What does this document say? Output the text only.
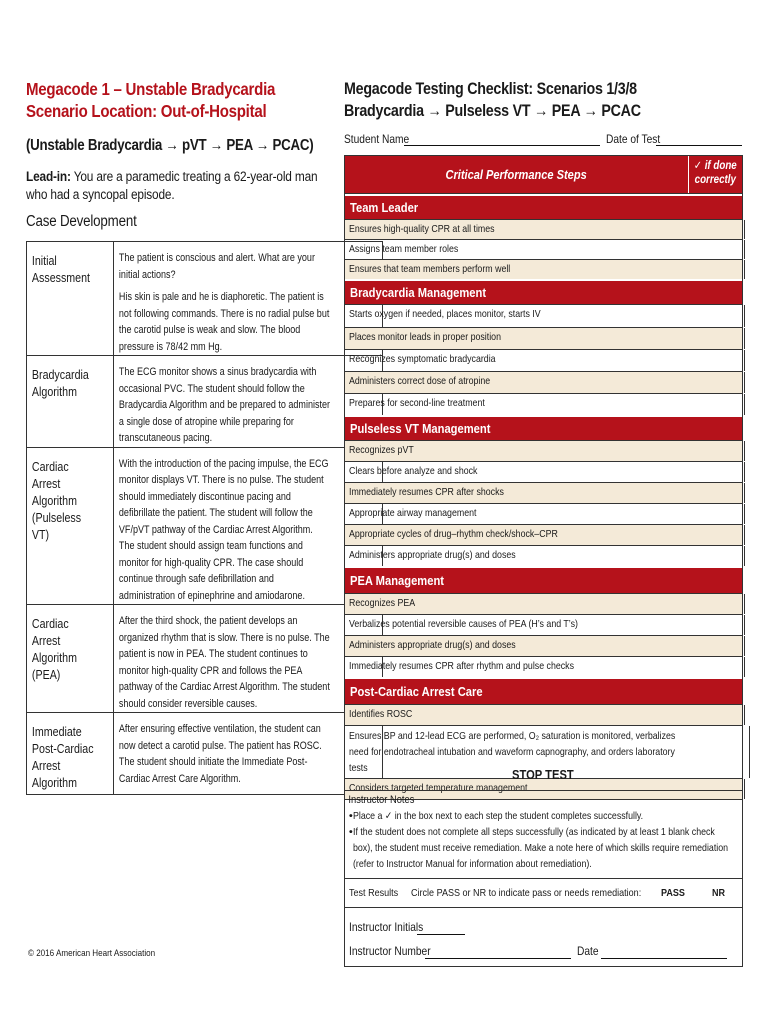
Megacode 1 – Unstable Bradycardia
Scenario Location: Out-of-Hospital
(Unstable Bradycardia → pVT → PEA → PCAC)
Lead-in: You are a paramedic treating a 62-year-old man who had a syncopal episode.
Case Development
Initial Assessment	The patient is conscious and alert. What are your initial actions?
His skin is pale and he is diaphoretic. The patient is not following commands. There is no radial pulse but the carotid pulse is weak and slow. The blood pressure is 78/42 mm Hg.

Bradycardia Algorithm	The ECG monitor shows a sinus bradycardia with occasional PVC. The student should follow the Bradycardia Algorithm and be prepared to administer a single dose of atropine while preparing for transcutaneous pacing.

Cardiac Arrest Algorithm (Pulseless VT)	With the introduction of the pacing impulse, the ECG monitor displays VT. There is no pulse. The student should immediately discontinue pacing and defibrillate the patient. The student will follow the VF/pVT pathway of the Cardiac Arrest Algorithm. The student should assign team functions and monitor for high-quality CPR. The case should continue through safe defibrillation and administration of epinephrine and amiodarone.

Cardiac Arrest Algorithm (PEA)	After the third shock, the patient develops an organized rhythm that is slow. There is no pulse. The patient is now in PEA. The student continues to monitor high-quality CPR and follows the PEA pathway of the Cardiac Arrest Algorithm. The student should consider reversible causes.

Immediate Post-Cardiac Arrest Algorithm	After ensuring effective ventilation, the student can now detect a carotid pulse. The patient has ROSC. The student should initiate the Immediate Post-Cardiac Arrest Care Algorithm.
© 2016 American Heart Association
Megacode Testing Checklist: Scenarios 1/3/8
Bradycardia → Pulseless VT → PEA → PCAC
Student Name	Date of Test
Critical Performance Steps
✓ if done
correctly
Team Leader
Ensures high-quality CPR at all times
Assigns team member roles
Ensures that team members perform well
Bradycardia Management
Starts oxygen if needed, places monitor, starts IV
Places monitor leads in proper position
Recognizes symptomatic bradycardia
Administers correct dose of atropine
Prepares for second-line treatment
Pulseless VT Management
Recognizes pVT
Clears before analyze and shock
Immediately resumes CPR after shocks
Appropriate airway management
Appropriate cycles of drug–rhythm check/shock–CPR
Administers appropriate drug(s) and doses
PEA Management
Recognizes PEA
Verbalizes potential reversible causes of PEA (H’s and T’s)
Administers appropriate drug(s) and doses
Immediately resumes CPR after rhythm and pulse checks
Post-Cardiac Arrest Care
Identifies ROSC
Ensures BP and 12-lead ECG are performed, O₂ saturation is monitored, verbalizes need for endotracheal intubation and waveform capnography, and orders laboratory tests
Considers targeted temperature management
STOP TEST
Instructor Notes
• Place a ✓ in the box next to each step the student completes successfully.
• If the student does not complete all steps successfully (as indicated by at least 1 blank check box), the student must receive remediation. Make a note here of which skills require remediation (refer to Instructor Manual for information about remediation).
Test Results Circle PASS or NR to indicate pass or needs remediation: PASS	NR
Instructor Initials
Instructor Number	Date
